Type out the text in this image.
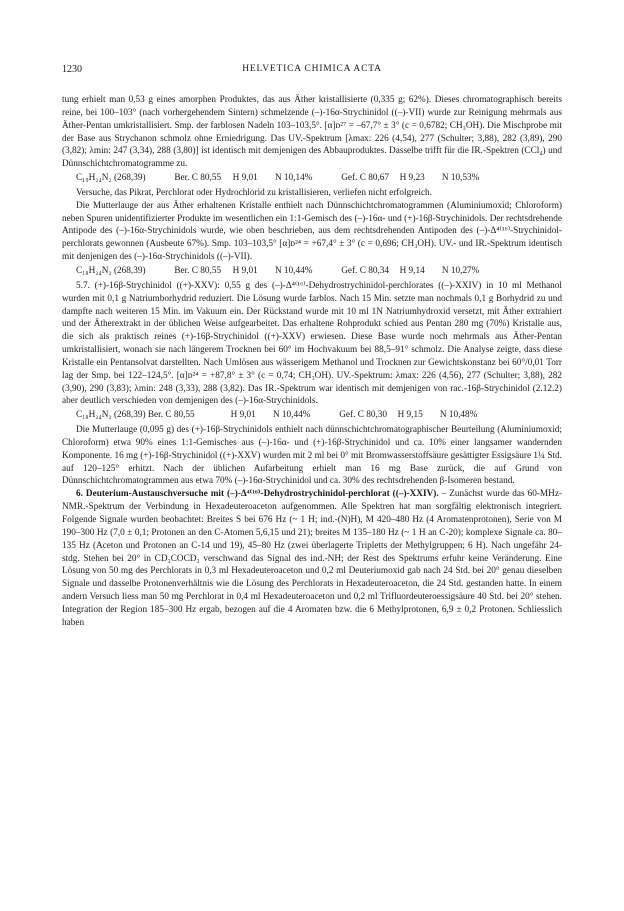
1230	HELVETICA CHIMICA ACTA

tung erhielt man 0,53 g eines amorphen Produktes, das aus Äther kristallisierte (0,335 g; 62%). Dieses chromatographisch bereits reine, bei 100–103° (nach vorhergehendem Sintern) schmelzende (–)-16α-Strychinidol ((–)-VII) wurde zur Reinigung mehrmals aus Äther-Pentan umkristallisiert. Smp. der farblosen Nadeln 103–103,5°. [α]ᴅ²⁷ = –67,7° ± 3° (c = 0,6782; CH₃OH). Die Mischprobe mit der Base aus Strychanon schmolz ohne Erniedrigung. Das UV.-Spektrum [λmax: 226 (4,54), 277 (Schulter; 3,88), 282 (3,89), 290 (3,82); λmin: 247 (3,34), 288 (3,80)] ist identisch mit demjenigen des Abbauproduktes. Dasselbe trifft für die IR.-Spektren (CCl₄) und Dünnschichtchromatogramme zu.

C₁₉H₂₄N₂ (268,39)	Ber. C 80,55 H 9,01 N 10,14%	Gef. C 80,67 H 9,23 N 10,53%

Versuche, das Pikrat, Perchlorat oder Hydrochlorid zu kristallisieren, verliefen nicht erfolgreich.

Die Mutterlauge der aus Äther erhaltenen Kristalle enthielt nach Dünnschichtchromatogrammen (Aluminiumoxid; Chloroform) neben Spuren unidentifizierter Produkte im wesentlichen ein 1:1-Gemisch des (–)-16α- und (+)-16β-Strychinidols. Der rechtsdrehende Antipode des (–)-16α-Strychinidols wurde, wie oben beschrieben, aus dem rechtsdrehenden Antipoden des (–)-Δ⁴⁽¹⁶⁾-Strychinidol-perchlorats gewonnen (Ausbeute 67%). Smp. 103–103,5° [α]ᴅ²⁴ = +67,4° ± 3° (c = 0,696; CH₃OH). UV.- und IR.-Spektrum identisch mit denjenigen des (–)-16α-Strychinidols ((–)-VII).

C₁₈H₂₄N₂ (268,39)	Ber. C 80,55 H 9,01 N 10,44%	Gef. C 80,34 H 9,14 N 10,27%

5.7. (+)-16β-Strychinidol ((+)-XXV): 0,55 g des (–)-Δ⁴⁽¹⁶⁾-Dehydrostrychinidol-perchlorates ((–)-XXIV) in 10 ml Methanol wurden mit 0,1 g Natriumborhydrid reduziert. Die Lösung wurde farblos. Nach 15 Min. setzte man nochmals 0,1 g Borhydrid zu und dampfte nach weiteren 15 Min. im Vakuum ein. Der Rückstand wurde mit 10 ml 1N Natriumhydroxid versetzt, mit Äther extrahiert und der Ätherextrakt in der üblichen Weise aufgearbeitet. Das erhaltene Rohprodukt schied aus Pentan 280 mg (70%) Kristalle aus, die sich als praktisch reines (+)-16β-Strychinidol ((+)-XXV) erwiesen. Diese Base wurde noch mehrmals aus Äther-Pentan umkristallisiert, wonach sie nach längerem Trocknen bei 60° im Hochvakuum bei 88,5–91° schmolz. Die Analyse zeigte, dass diese Kristalle ein Pentansolvat darstellten. Nach Umlösen aus wässerigem Methanol und Trocknen zur Gewichtskonstanz bei 60°/0,01 Torr lag der Smp. bei 122–124,5°. [α]ᴅ²⁴ = +87,8° ± 3° (c = 0,74; CH₃OH). UV.-Spektrum: λmax: 226 (4,56), 277 (Schulter; 3,88), 282 (3,90), 290 (3,83); λmin: 248 (3,33), 288 (3,82). Das IR.-Spektrum war identisch mit demjenigen von rac.-16β-Strychinidol (2.12.2) aber deutlich verschieden von demjenigen des (–)-16α-Strychinidols.

C₁₈H₂₄N₂ (268,39) Ber. C 80,55	H 9,01 N 10,44%	Gef. C 80,30 H 9,15 N 10,48%

Die Mutterlauge (0,095 g) des (+)-16β-Strychinidols enthielt nach dünnschichtchromatographischer Beurteilung (Aluminiumoxid; Chloroform) etwa 90% eines 1:1-Gemisches aus (–)-16α- und (+)-16β-Strychinidol und ca. 10% einer langsamer wandernden Komponente. 16 mg (+)-16β-Strychinidol ((+)-XXV) wurden mit 2 ml bei 0° mit Bromwasserstoffsäure gesättigter Essigsäure 1¼ Std. auf 120–125° erhitzt. Nach der üblichen Aufarbeitung erhielt man 16 mg Base zurück, die auf Grund von Dünnschichtchromatogrammen aus etwa 70% (–)-16α-Strychinidol und ca. 30% des rechtsdrehenden β-Isomeren bestand.

6. Deuterium-Austauschversuche mit (–)-Δ⁴⁽¹⁶⁾-Dehydrostrychinidol-perchlorat ((–)-XXIV). – Zunächst wurde das 60-MHz-NMR.-Spektrum der Verbindung in Hexadeuteroaceton aufgenommen. Alle Spektren hat man sorgfältig elektronisch integriert. Folgende Signale wurden beobachtet: Breites S bei 676 Hz (~ 1 H; ind.-(N)H), M 420–480 Hz (4 Aromatenprotonen), Serie von M 190–300 Hz (7,0 ± 0,1; Protonen an den C-Atomen 5,6,15 und 21); breites M 135–180 Hz (~ 1 H an C-20); komplexe Signale ca. 80–135 Hz (Aceton und Protonen an C-14 und 19), 45–80 Hz (zwei überlagerte Tripletts der Methylgruppen; 6 H). Nach ungefähr 24-stdg. Stehen bei 20° in CD₃COCD₃ verschwand das Signal des ind.-NH; der Rest des Spektrums erfuhr keine Veränderung. Eine Lösung von 50 mg des Perchlorats in 0,3 ml Hexadeuteroaceton und 0,2 ml Deuteriumoxid gab nach 24 Std. bei 20° genau dieselben Signale und dasselbe Protonenverhältnis wie die Lösung des Perchlorats in Hexadeuteroaceton, die 24 Std. gestanden hatte. In einem andern Versuch liess man 50 mg Perchlorat in 0,4 ml Hexadeuteroaceton und 0,2 ml Trifluordeuteroessigsäure 40 Std. bei 20° stehen. Integration der Region 185–300 Hz ergab, bezogen auf die 4 Aromaten bzw. die 6 Methylprotonen, 6,9 ± 0,2 Protonen. Schliesslich haben
